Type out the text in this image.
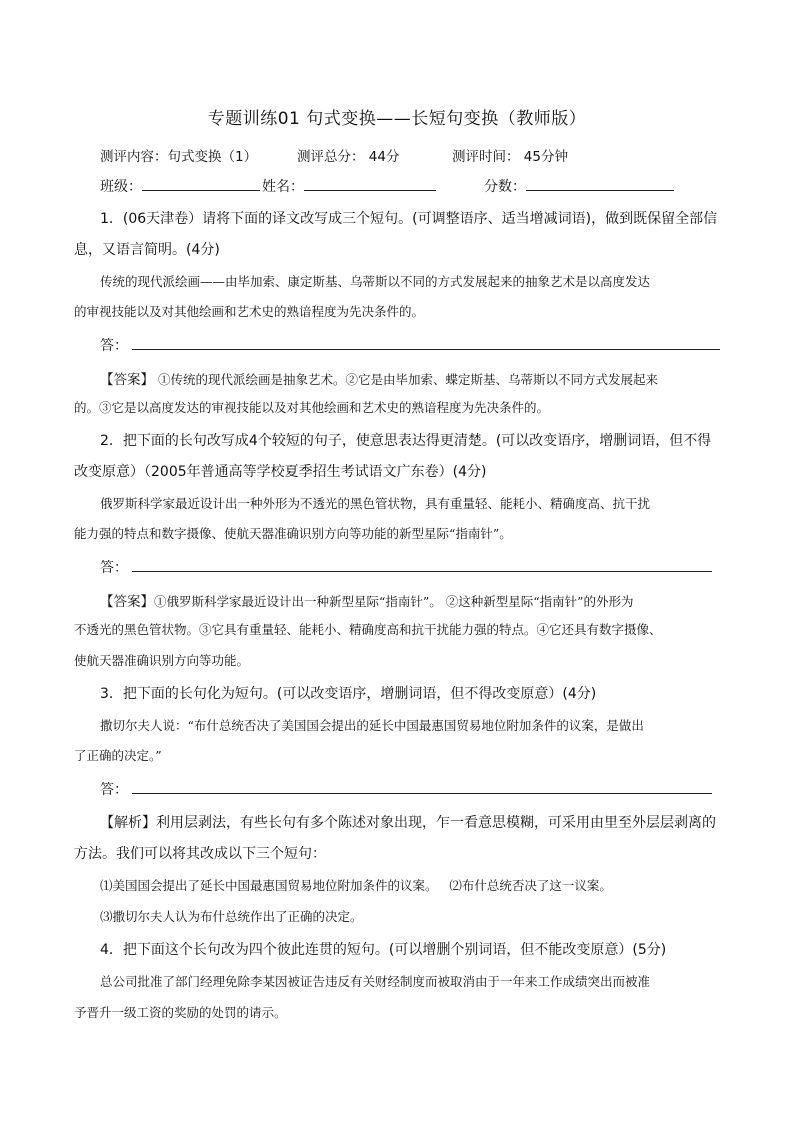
专题训练01 句式变换——长短句变换（教师版）
测评内容：句式变换（1）	测评总分： 44分	测评时间： 45分钟
班级：	姓名：	分数：
1．(06天津卷）请将下面的译文改写成三个短句。(可调整语序、适当增减词语)，做到既保留全部信
息，又语言简明。(4分)
传统的现代派绘画——由毕加索、康定斯基、乌蒂斯以不同的方式发展起来的抽象艺术是以高度发达
的审视技能以及对其他绘画和艺术史的熟谙程度为先决条件的。
答：
【答案】 ①传统的现代派绘画是抽象艺术。②它是由毕加索、蝶定斯基、乌蒂斯以不同方式发展起来
的。③它是以高度发达的审视技能以及对其他绘画和艺术史的熟谙程度为先决条件的。
2．把下面的长句改写成4个较短的句子，使意思表达得更清楚。(可以改变语序，增删词语，但不得
改变原意）（2005年普通高等学校夏季招生考试语文广东卷）(4分)
俄罗斯科学家最近设计出一种外形为不透光的黑色管状物，具有重量轻、能耗小、精确度高、抗干扰
能力强的特点和数字摄像、使航天器准确识别方向等功能的新型星际“指南针”。
答：
【答案】①俄罗斯科学家最近设计出一种新型星际“指南针”。 ②这种新型星际“指南针”的外形为
不透光的黑色管状物。③它具有重量轻、能耗小、精确度高和抗干扰能力强的特点。④它还具有数字摄像、
使航天器准确识别方向等功能。
3．把下面的长句化为短句。(可以改变语序，增删词语，但不得改变原意）(4分)
撒切尔夫人说：“布什总统否决了美国国会提出的延长中国最惠国贸易地位附加条件的议案，是做出
了正确的决定。”
答：
【解析】利用层剥法，有些长句有多个陈述对象出现，乍一看意思模糊，可采用由里至外层层剥离的
方法。我们可以将其改成以下三个短句：
⑴美国国会提出了延长中国最惠国贸易地位附加条件的议案。   ⑵布什总统否决了这一议案。
⑶撒切尔夫人认为布什总统作出了正确的决定。
4．把下面这个长句改为四个彼此连贯的短句。(可以增删个别词语，但不能改变原意）(5分)
总公司批准了部门经理免除李某因被证告违反有关财经制度而被取消由于一年来工作成绩突出而被准
予晋升一级工资的奖励的处罚的请示。
